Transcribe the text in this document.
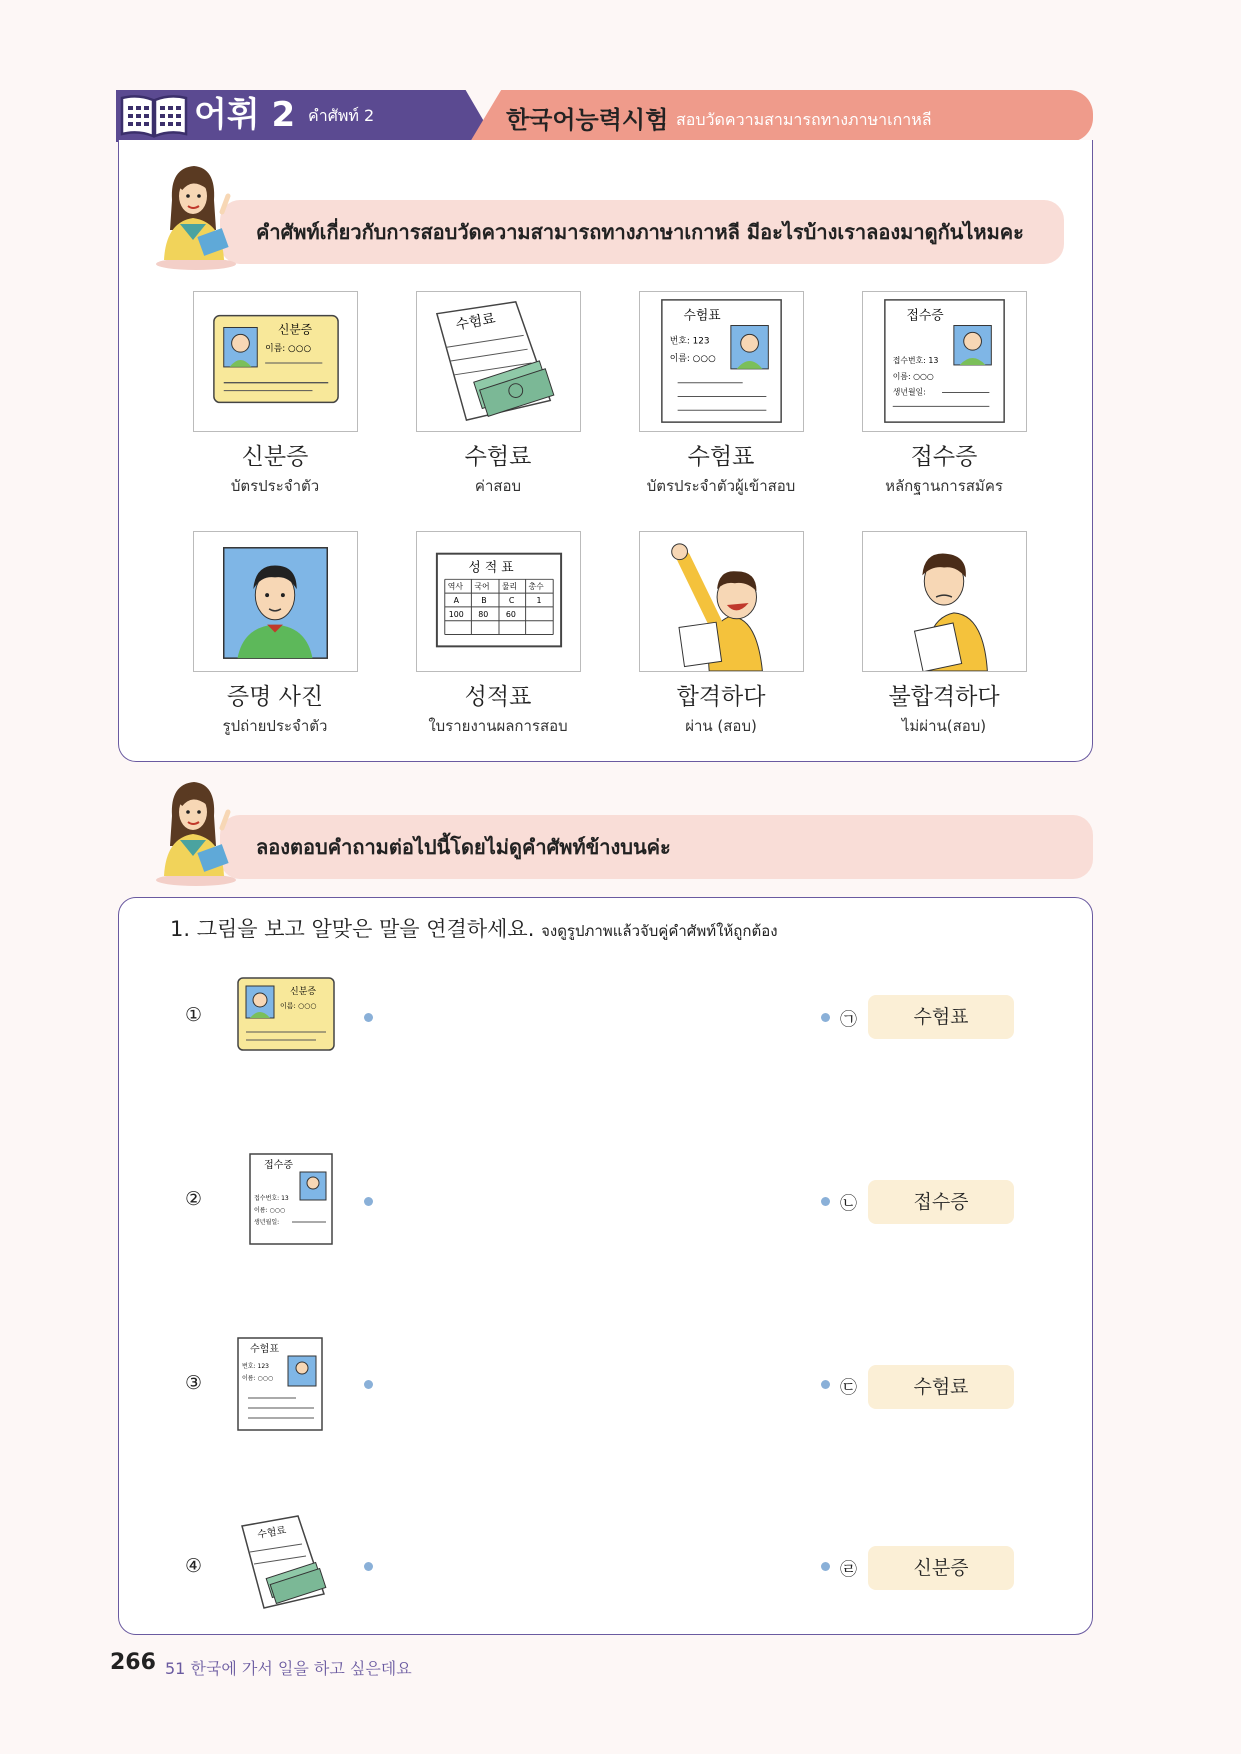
어휘 2 คำศัพท์ 2	한국어능력시험 สอบวัดความสามารถทางภาษาเกาหลี
คำศัพท์เกี่ยวกับการสอบวัดความสามารถทางภาษาเกาหลี มีอะไรบ้างเราลองมาดูกันไหมคะ
신분증
이름: ○○○
수험료	수험표
번호: 123
이름: ○○○
접수증
접수번호: 13
이름: ○○○
생년월일:
신분증
บัตรประจำตัว
수험료
ค่าสอบ
수험표
บัตรประจำตัวผู้เข้าสอบ
접수증
หลักฐานการสมัคร
성 적 표
역사 국어 물리 총수
A	B	C	1
100 80 60
증명 사진
รูปถ่ายประจำตัว
성적표
ใบรายงานผลการสอบ
합격하다
ผ่าน (สอบ)
불합격하다
ไม่ผ่าน(สอบ)
ลองตอบคำถามต่อไปนี้โดยไม่ดูคำศัพท์ข้างบนค่ะ
1. 그림을 보고 알맞은 말을 연결하세요. จงดูรูปภาพแล้วจับคู่คำศัพท์ให้ถูกต้อง
①
신분증
이름: ○○○
㉠	수험표
②
접수증
접수번호: 13
이름: ○○○
생년월일:
㉡	접수증
③
수험표
번호: 123
이름: ○○○	㉢	수험료
④
수험료
㉣	신분증
266 51 한국에 가서 일을 하고 싶은데요
